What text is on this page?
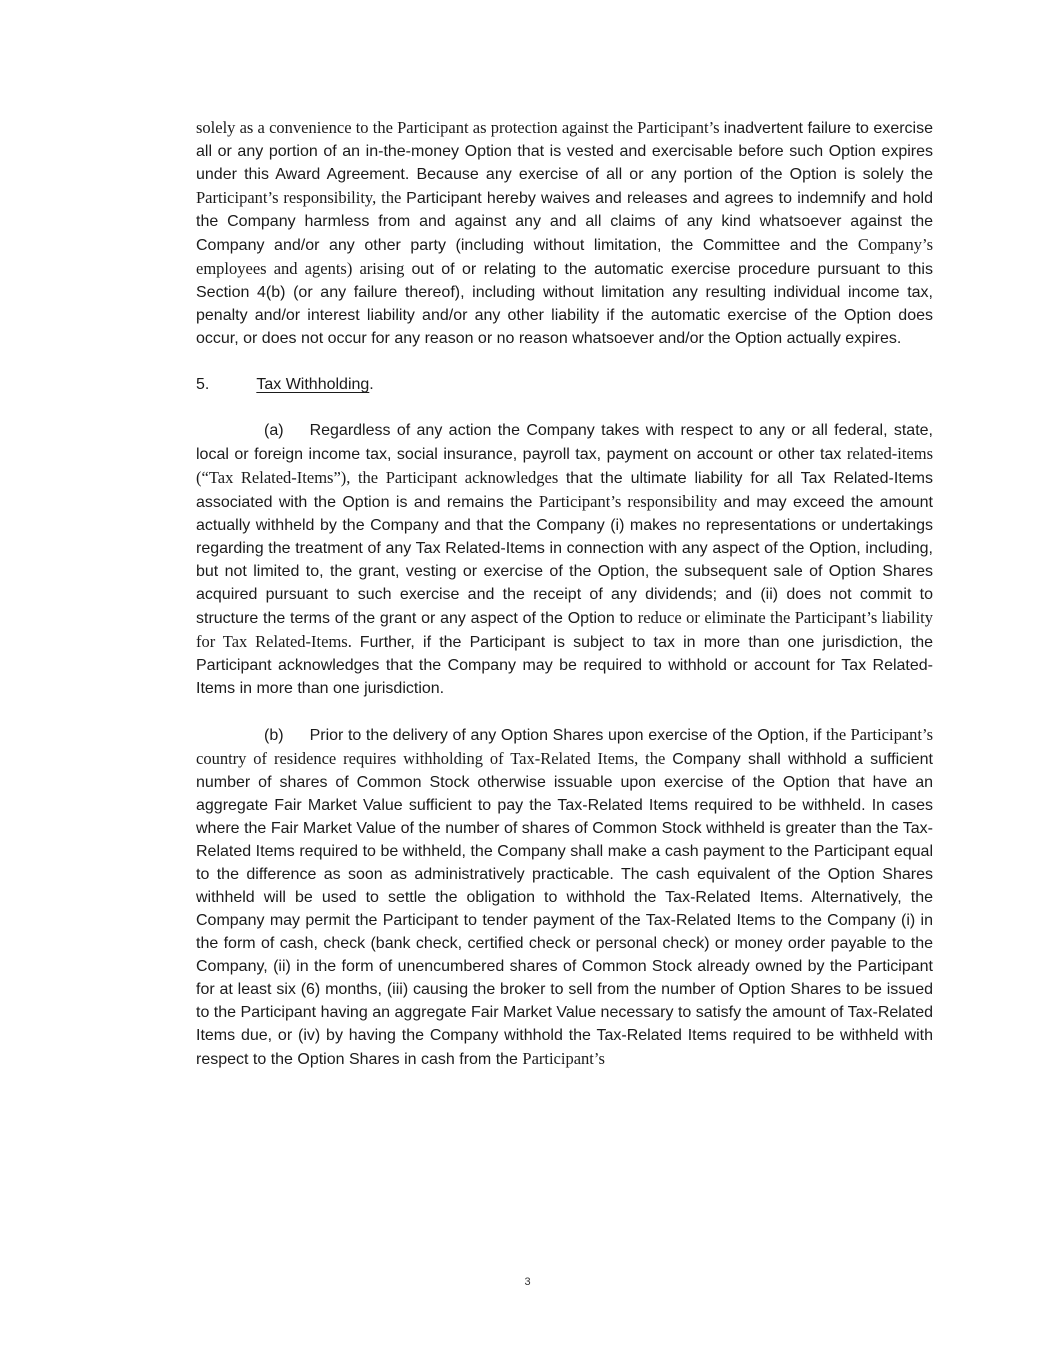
solely as a convenience to the Participant as protection against the Participant’s inadvertent failure to exercise all or any portion of an in-the-money Option that is vested and exercisable before such Option expires under this Award Agreement. Because any exercise of all or any portion of the Option is solely the Participant’s responsibility, the Participant hereby waives and releases and agrees to indemnify and hold the Company harmless from and against any and all claims of any kind whatsoever against the Company and/or any other party (including without limitation, the Committee and the Company’s employees and agents) arising out of or relating to the automatic exercise procedure pursuant to this Section 4(b) (or any failure thereof), including without limitation any resulting individual income tax, penalty and/or interest liability and/or any other liability if the automatic exercise of the Option does occur, or does not occur for any reason or no reason whatsoever and/or the Option actually expires.

5.	Tax Withholding.

(a) Regardless of any action the Company takes with respect to any or all federal, state, local or foreign income tax, social insurance, payroll tax, payment on account or other tax related-items (“Tax Related-Items”), the Participant acknowledges that the ultimate liability for all Tax Related-Items associated with the Option is and remains the Participant’s responsibility and may exceed the amount actually withheld by the Company and that the Company (i) makes no representations or undertakings regarding the treatment of any Tax Related-Items in connection with any aspect of the Option, including, but not limited to, the grant, vesting or exercise of the Option, the subsequent sale of Option Shares acquired pursuant to such exercise and the receipt of any dividends; and (ii) does not commit to structure the terms of the grant or any aspect of the Option to reduce or eliminate the Participant’s liability for Tax Related-Items. Further, if the Participant is subject to tax in more than one jurisdiction, the Participant acknowledges that the Company may be required to withhold or account for Tax Related-Items in more than one jurisdiction.

(b) Prior to the delivery of any Option Shares upon exercise of the Option, if the Participant’s country of residence requires withholding of Tax-Related Items, the Company shall withhold a sufficient number of shares of Common Stock otherwise issuable upon exercise of the Option that have an aggregate Fair Market Value sufficient to pay the Tax-Related Items required to be withheld. In cases where the Fair Market Value of the number of shares of Common Stock withheld is greater than the Tax-Related Items required to be withheld, the Company shall make a cash payment to the Participant equal to the difference as soon as administratively practicable. The cash equivalent of the Option Shares withheld will be used to settle the obligation to withhold the Tax-Related Items. Alternatively, the Company may permit the Participant to tender payment of the Tax-Related Items to the Company (i) in the form of cash, check (bank check, certified check or personal check) or money order payable to the Company, (ii) in the form of unencumbered shares of Common Stock already owned by the Participant for at least six (6) months, (iii) causing the broker to sell from the number of Option Shares to be issued to the Participant having an aggregate Fair Market Value necessary to satisfy the amount of Tax-Related Items due, or (iv) by having the Company withhold the Tax-Related Items required to be withheld with respect to the Option Shares in cash from the Participant’s

3
